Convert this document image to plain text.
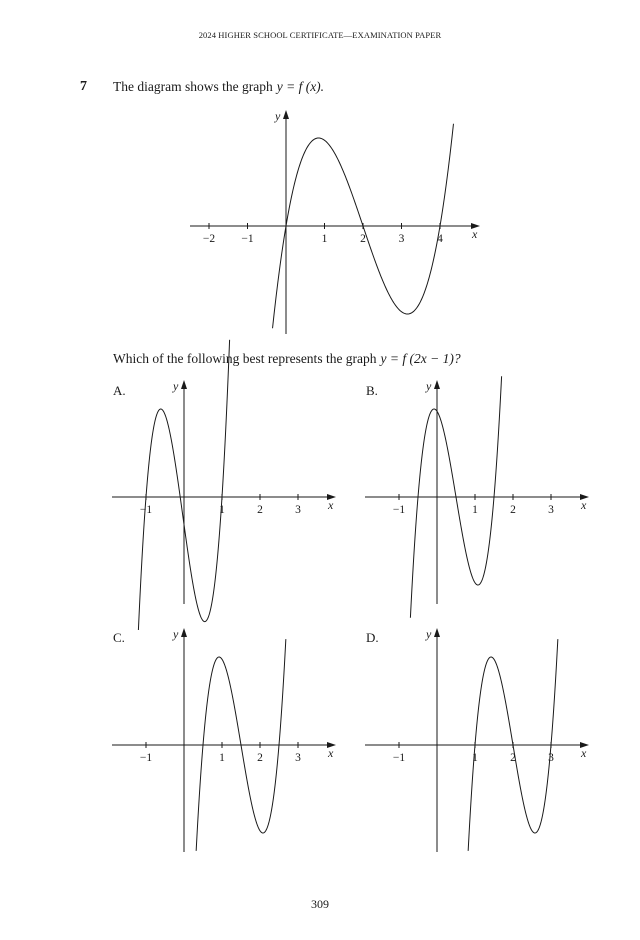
2024 HIGHER SCHOOL CERTIFICATE—EXAMINATION PAPER
7 The diagram shows the graph y = f (x).
x
y
−2 −1	1	2	3	4
Which of the following best represents the graph y = f (2x − 1)?
A.
x
y
−1	1	2	3
B.
x
y
−1	1	2	3
C.
x
y
−1	1	2	3
D.
x
y
−1	1	2	3
309
